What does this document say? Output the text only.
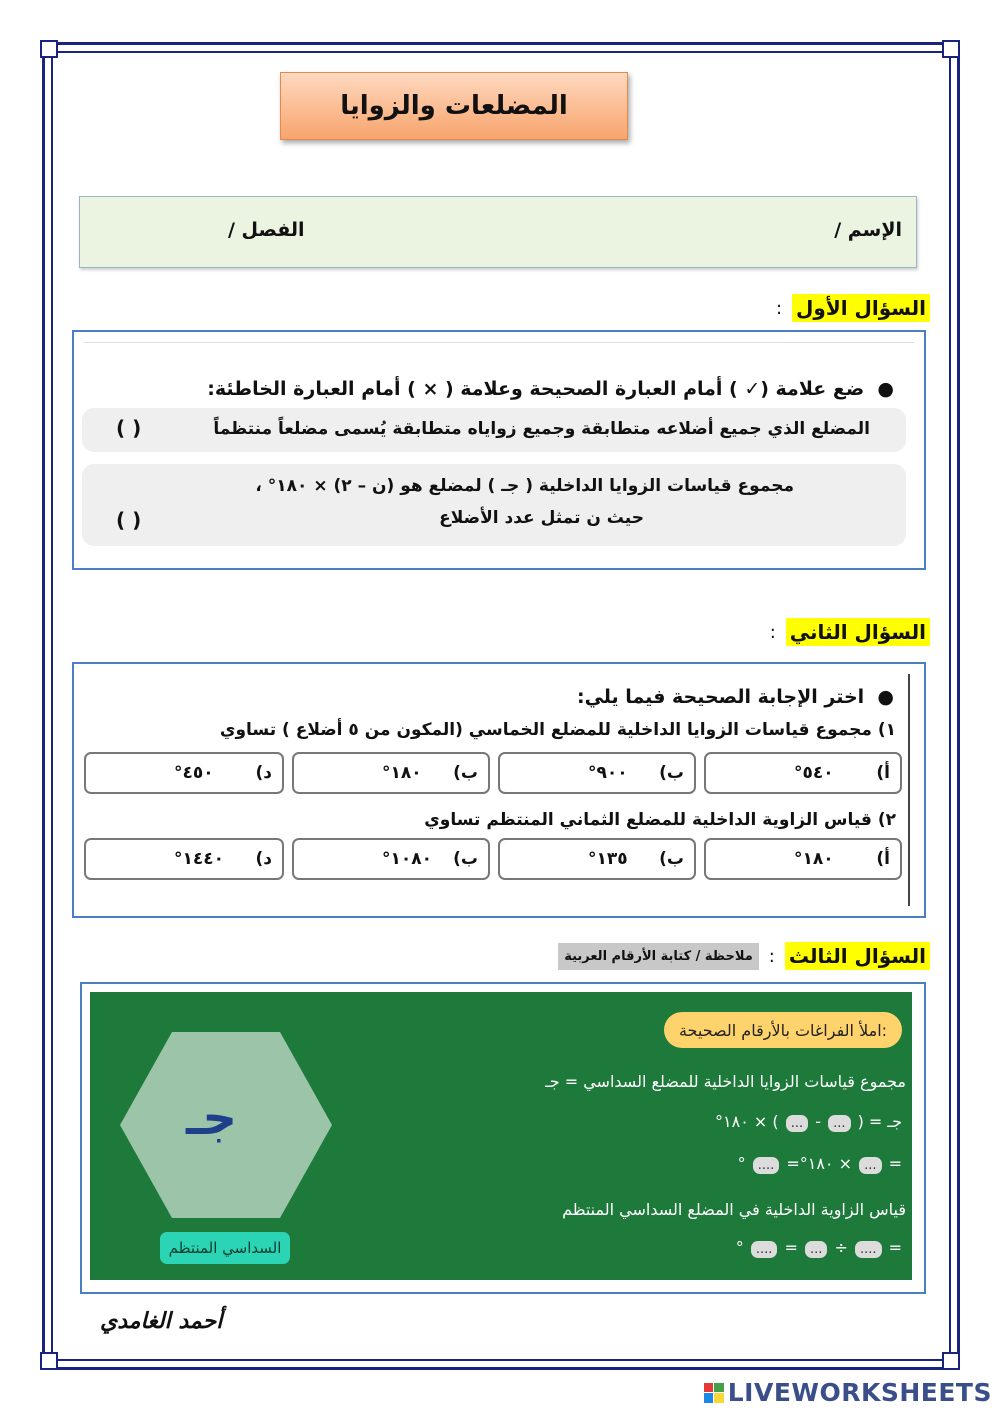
المضلعات والزوايا
الإسم /
الفصل /
السؤال الأول
:
●  ضع علامة (✓ ) أمام العبارة الصحيحة وعلامة ( × ) أمام العبارة الخاطئة:
المضلع الذي جميع أضلاعه متطابقة وجميع زواياه متطابقة يُسمى مضلعاً منتظماً
( )
مجموع قياسات الزوايا الداخلية ( جـ ) لمضلع هو (ن – ٢) × ١٨٠° ،
حيث ن تمثل عدد الأضلاع
( )
السؤال الثاني
:
●  اختر الإجابة الصحيحة فيما يلي:
١) مجموع قياسات الزوايا الداخلية للمضلع الخماسي (المكون من ٥ أضلاع ) تساوي
أ)
٥٤٠°
ب)
٩٠٠°
ب)
١٨٠°
د)
٤٥٠°
٢) قياس الزاوية الداخلية للمضلع الثماني المنتظم تساوي
أ)
١٨٠°
ب)
١٣٥°
ب)
١٠٨٠°
د)
١٤٤٠°
السؤال الثالث
:
ملاحظة / كتابة الأرقام العربية
جـ
السداسي المنتظم
املأ الفراغات بالأرقام الصحيحة:
مجموع قياسات الزوايا الداخلية للمضلع السداسي = جـ
جـ = ( ... - ... ) × ١٨٠°
= ... × ١٨٠°= .... °
قياس الزاوية الداخلية في المضلع السداسي المنتظم
= .... ÷ ... = .... °
أحمد الغامدي
LIVEWORKSHEETS
